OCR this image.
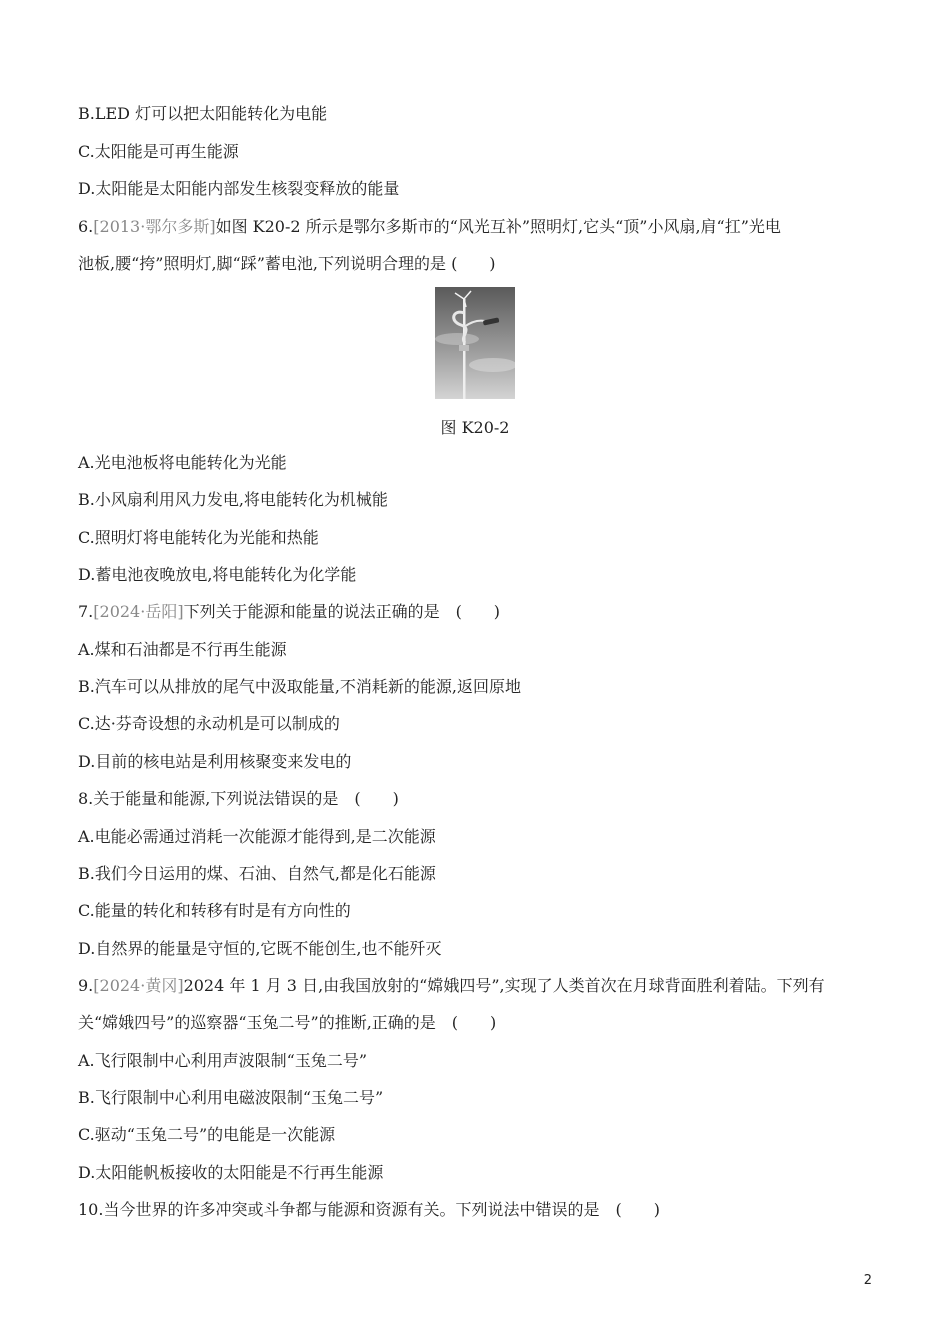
B.LED 灯可以把太阳能转化为电能
C.太阳能是可再生能源
D.太阳能是太阳能内部发生核裂变释放的能量
6.[2013·鄂尔多斯]如图 K20-2 所示是鄂尔多斯市的“风光互补”照明灯,它头“顶”小风扇,肩“扛”光电
池板,腰“挎”照明灯,脚“踩”蓄电池,下列说明合理的是 (　　)
图 K20-2
A.光电池板将电能转化为光能
B.小风扇利用风力发电,将电能转化为机械能
C.照明灯将电能转化为光能和热能
D.蓄电池夜晚放电,将电能转化为化学能
7.[2024·岳阳]下列关于能源和能量的说法正确的是　(　　)
A.煤和石油都是不行再生能源
B.汽车可以从排放的尾气中汲取能量,不消耗新的能源,返回原地
C.达·芬奇设想的永动机是可以制成的
D.目前的核电站是利用核聚变来发电的
8.关于能量和能源,下列说法错误的是　(　　)
A.电能必需通过消耗一次能源才能得到,是二次能源
B.我们今日运用的煤、石油、自然气,都是化石能源
C.能量的转化和转移有时是有方向性的
D.自然界的能量是守恒的,它既不能创生,也不能歼灭
9.[2024·黄冈]2024 年 1 月 3 日,由我国放射的“嫦娥四号”,实现了人类首次在月球背面胜利着陆。下列有
关“嫦娥四号”的巡察器“玉兔二号”的推断,正确的是　(　　)
A.飞行限制中心利用声波限制“玉兔二号”
B.飞行限制中心利用电磁波限制“玉兔二号”
C.驱动“玉兔二号”的电能是一次能源
D.太阳能帆板接收的太阳能是不行再生能源
10.当今世界的许多冲突或斗争都与能源和资源有关。下列说法中错误的是　(　　)
2
